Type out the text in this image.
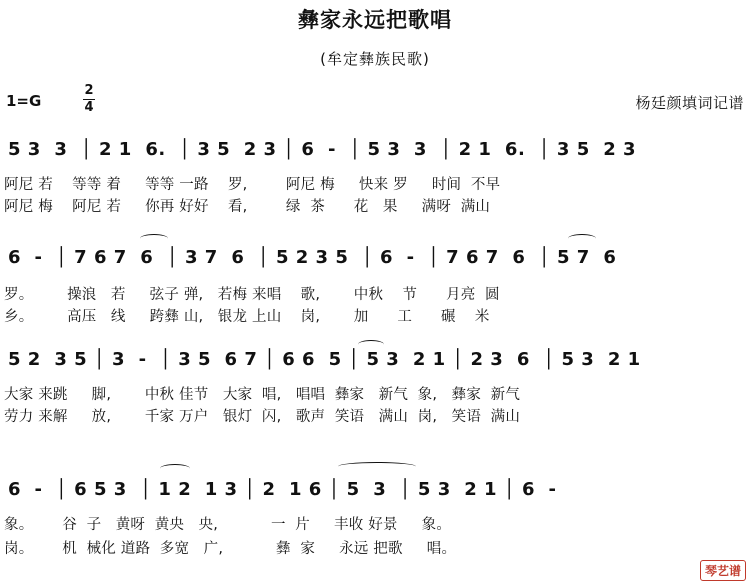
彝家永远把歌唱
(牟定彝族民歌)
1=G
2
4	杨廷颜填词记谱
5 3  3  │ 2 1  6.  │ 3 5  2 3 │ 6  -  │ 5 3  3  │ 2 1  6.  │ 3 5  2 3
阿尼 若    等等 着     等等 一路    罗,        阿尼 梅     快来 罗     时间  不早
阿尼 梅    阿尼 若     你再 好好    看,        绿  茶      花   果     满呀  满山
6  -  │ 7 6 7  6  │ 3 7  6  │ 5 2 3 5  │ 6  -  │ 7 6 7  6  │ 5 7  6
罗。       操浪   若     弦子 弹,   若梅 来唱    歌,       中秋    节      月亮  圆
乡。       高压   线     跨彝 山,   银龙 上山    岗,       加      工      碾    米
5 2  3 5 │ 3  -  │ 3 5  6 7 │ 6 6  5 │ 5 3  2 1 │ 2 3  6  │ 5 3  2 1
大家 来跳     脚,       中秋 佳节   大家  唱,   唱唱  彝家   新气  象,   彝家  新气
劳力 来解     放,       千家 万户   银灯  闪,   歌声  笑语   满山  岗,   笑语  满山
6  -  │ 6 5 3  │ 1 2  1 3 │ 2  1 6 │ 5  3  │ 5 3  2 1 │ 6  -
象。      谷  子   黄呀  黄央   央,           一  片     丰收 好景     象。
岗。      机  械化 道路  多宽   广,           彝  家     永远 把歌     唱。
琴艺谱
